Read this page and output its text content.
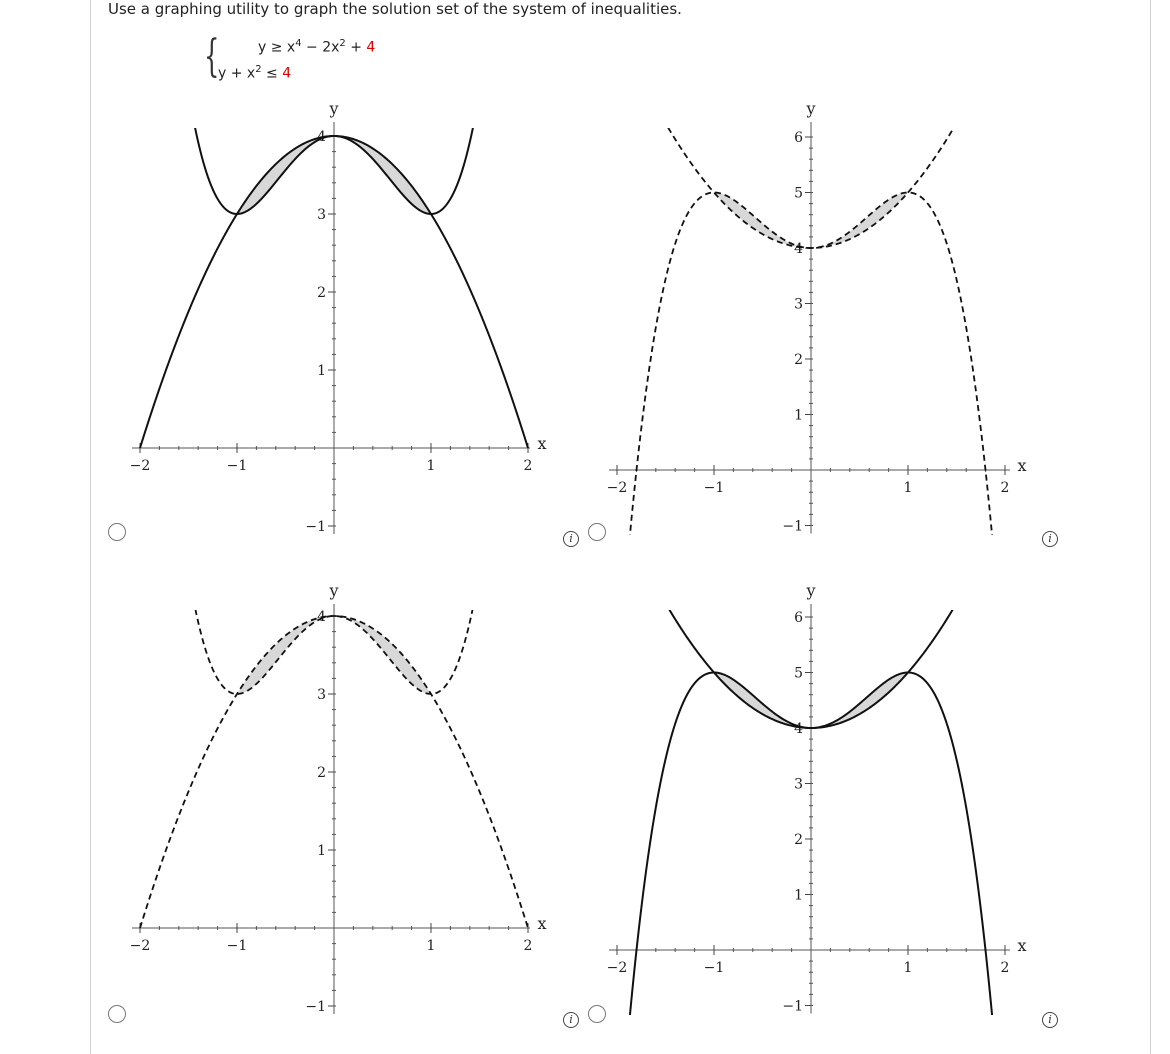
Use a graphing utility to graph the solution set of the system of inequalities.
{	$y \ge x^4 - 2x^2 + 4$
$y + x^2 \le 4$
−2	−1	1	2
−1
1
2
3
4
x
y
−2	−1	1	2
−1
1
2
3
4
5
6
x
y
−2	−1	1	2
−1
1
2
3
4
x
y
−2	−1	1	2
−1
1
2
3
4
5
6
x
y
i	i
i	i
